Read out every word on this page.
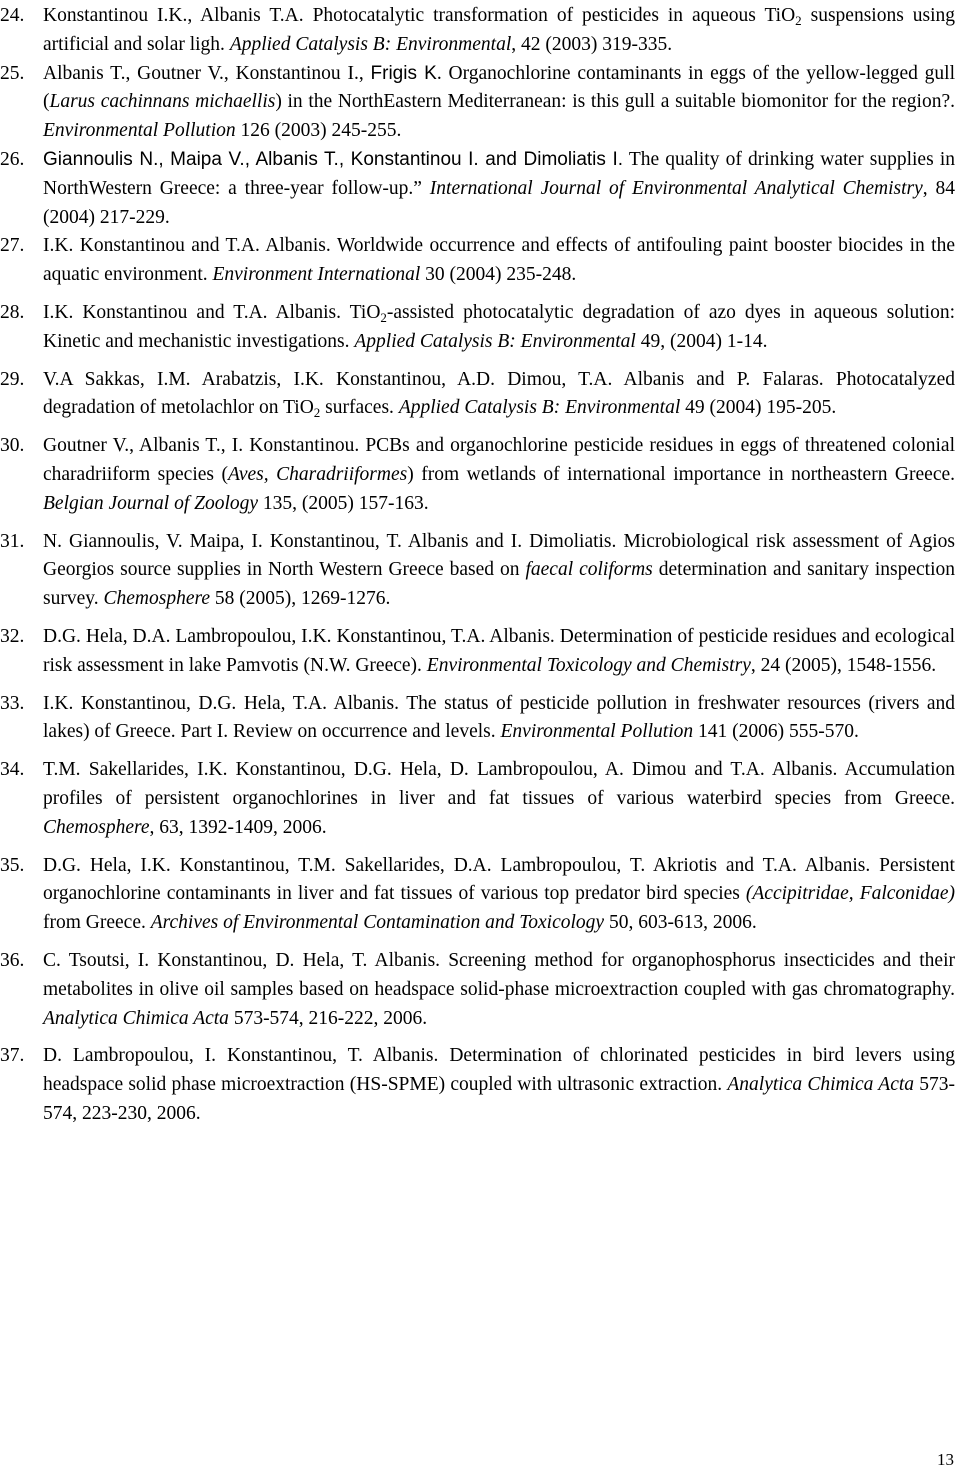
24. Konstantinou I.K., Albanis T.A. Photocatalytic transformation of pesticides in aqueous TiO$_2$ suspensions using artificial and solar ligh. Applied Catalysis B: Environmental, 42 (2003) 319-335.
25. Albanis T., Goutner V., Konstantinou I., Frigis K. Organochlorine contaminants in eggs of the yellow-legged gull (Larus cachinnans michaellis) in the NorthEastern Mediterranean: is this gull a suitable biomonitor for the region?. Environmental Pollution 126 (2003) 245-255.
26. Giannoulis N., Maipa V., Albanis T., Konstantinou I. and Dimoliatis I. The quality of drinking water supplies in NorthWestern Greece: a three-year follow-up.” International Journal of Environmental Analytical Chemistry, 84 (2004) 217-229.
27. I.K. Konstantinou and T.A. Albanis. Worldwide occurrence and effects of antifouling paint booster biocides in the aquatic environment. Environment International 30 (2004) 235-248.
28. I.K. Konstantinou and T.A. Albanis. TiO$_2$-assisted photocatalytic degradation of azo dyes in aqueous solution: Kinetic and mechanistic investigations. Applied Catalysis B: Environmental 49, (2004) 1-14.
29. V.A Sakkas, I.M. Arabatzis, I.K. Konstantinou, A.D. Dimou, T.A. Albanis and P. Falaras. Photocatalyzed degradation of metolachlor on TiO$_2$ surfaces. Applied Catalysis B: Environmental 49 (2004) 195-205.
30. Goutner V., Albanis T., I. Konstantinou. PCBs and organochlorine pesticide residues in eggs of threatened colonial charadriiform species (Aves, Charadriiformes) from wetlands of international importance in northeastern Greece. Belgian Journal of Zoology 135, (2005) 157-163.
31. N. Giannoulis, V. Maipa, I. Konstantinou, T. Albanis and I. Dimoliatis. Microbiological risk assessment of Agios Georgios source supplies in North Western Greece based on faecal coliforms determination and sanitary inspection survey. Chemosphere 58 (2005), 1269-1276.
32. D.G. Hela, D.A. Lambropoulou, I.K. Konstantinou, T.A. Albanis. Determination of pesticide residues and ecological risk assessment in lake Pamvotis (N.W. Greece). Environmental Toxicology and Chemistry, 24 (2005), 1548-1556.
33. I.K. Konstantinou, D.G. Hela, T.A. Albanis. The status of pesticide pollution in freshwater resources (rivers and lakes) of Greece. Part I. Review on occurrence and levels. Environmental Pollution 141 (2006) 555-570.
34. T.M. Sakellarides, I.K. Konstantinou, D.G. Hela, D. Lambropoulou, A. Dimou and T.A. Albanis. Accumulation profiles of persistent organochlorines in liver and fat tissues of various waterbird species from Greece. Chemosphere, 63, 1392-1409, 2006.
35. D.G. Hela, I.K. Konstantinou, T.M. Sakellarides, D.A. Lambropoulou, T. Akriotis and T.A. Albanis. Persistent organochlorine contaminants in liver and fat tissues of various top predator bird species (Accipitridae, Falconidae) from Greece. Archives of Environmental Contamination and Toxicology 50, 603-613, 2006.
36. C. Tsoutsi, I. Konstantinou, D. Hela, T. Albanis. Screening method for organophosphorus insecticides and their metabolites in olive oil samples based on headspace solid-phase microextraction coupled with gas chromatography. Analytica Chimica Acta 573-574, 216-222, 2006.
37. D. Lambropoulou, I. Konstantinou, T. Albanis. Determination of chlorinated pesticides in bird levers using headspace solid phase microextraction (HS-SPME) coupled with ultrasonic extraction. Analytica Chimica Acta 573-574, 223-230, 2006.
13
